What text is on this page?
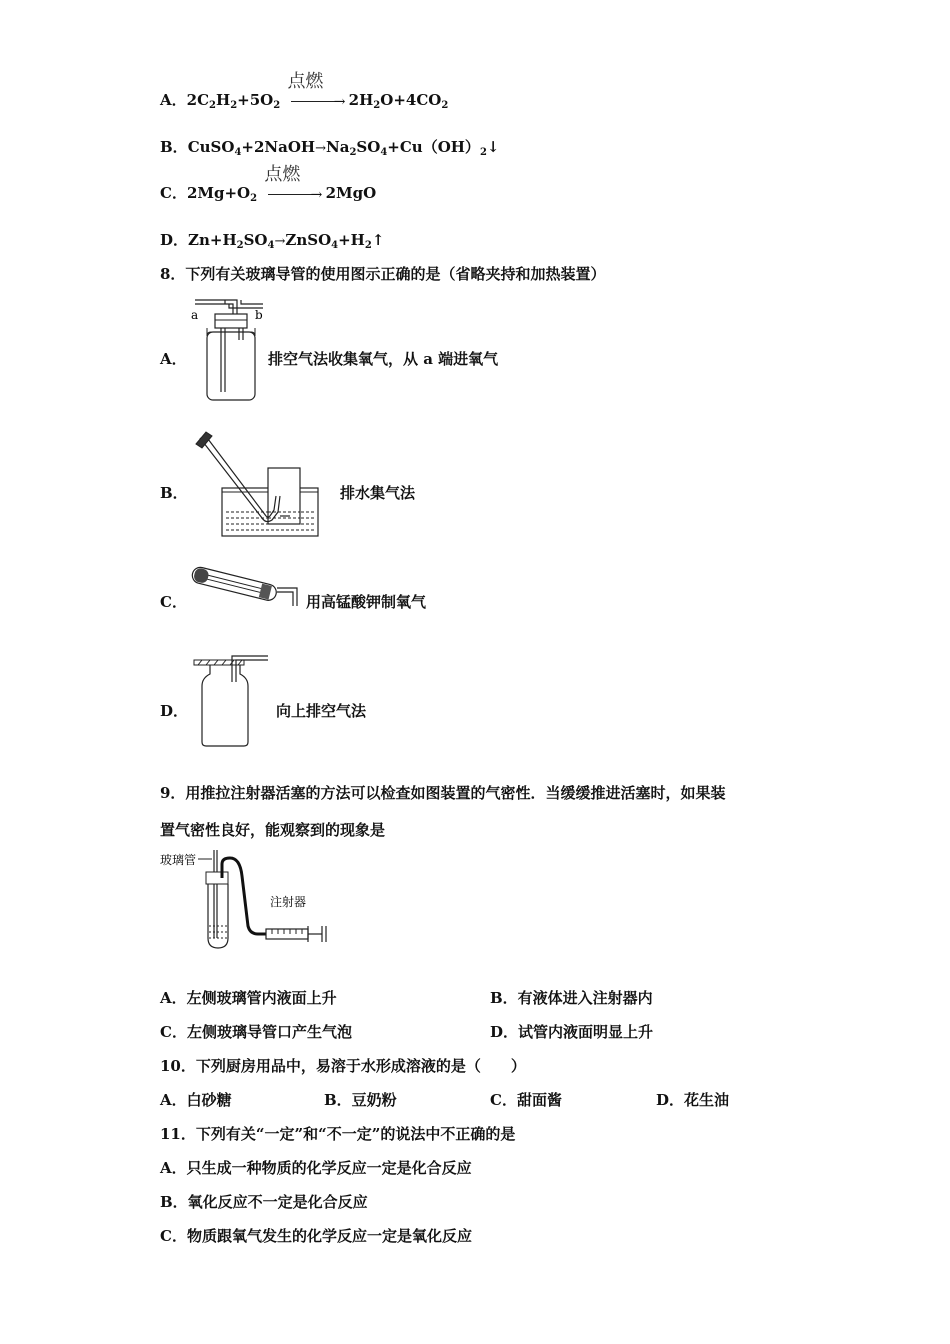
A．$2C_2H_2+5O_2$
点燃
→ $2H_2O+4CO_2$
B．$CuSO_4+2NaOH\to Na_2SO_4+Cu(OH)_2↓$
C．$2Mg+O_2$
点燃
→ 2MgO
D．$Zn+H_2SO_4\to ZnSO_4+H_2↑$
8．下列有关玻璃导管的使用图示正确的是（省略夹持和加热装置）
A．
a	b
排空气法收集氧气，从 a 端进氧气
B．	排水集气法
C．	用高锰酸钾制氧气
D．	向上排空气法
9．用推拉注射器活塞的方法可以检查如图装置的气密性．当缓缓推进活塞时，如果装
置气密性良好，能观察到的现象是
玻璃管
注射器
A．左侧玻璃管内液面上升	B．有液体进入注射器内
C．左侧玻璃导管口产生气泡	D．试管内液面明显上升
10．下列厨房用品中，易溶于水形成溶液的是（　　）
A．白砂糖	B．豆奶粉	C．甜面酱	D．花生油
11．下列有关“一定”和“不一定”的说法中不正确的是
A．只生成一种物质的化学反应一定是化合反应
B．氧化反应不一定是化合反应
C．物质跟氧气发生的化学反应一定是氧化反应
